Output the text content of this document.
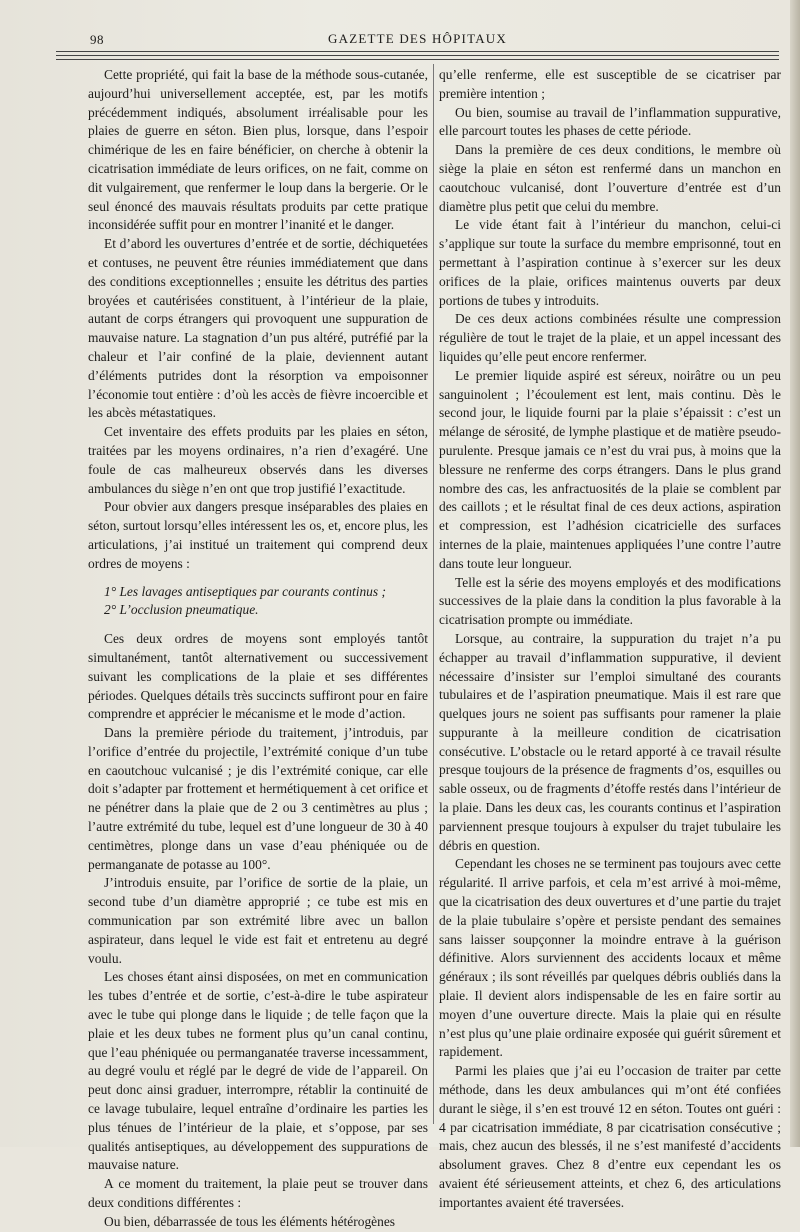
98	GAZETTE DES HÔPITAUX

Cette propriété, qui fait la base de la méthode sous-cutanée, aujourd’hui universellement acceptée, est, par les motifs précédemment indiqués, absolument irréalisable pour les plaies de guerre en séton. Bien plus, lorsque, dans l’espoir chimérique de les en faire bénéficier, on cherche à obtenir la cicatrisation immédiate de leurs orifices, on ne fait, comme on dit vulgairement, que renfermer le loup dans la bergerie. Or le seul énoncé des mauvais résultats produits par cette pratique inconsidérée suffit pour en montrer l’inanité et le danger.

Et d’abord les ouvertures d’entrée et de sortie, déchiquetées et contuses, ne peuvent être réunies immédiatement que dans des conditions exceptionnelles ; ensuite les détritus des parties broyées et cautérisées constituent, à l’intérieur de la plaie, autant de corps étrangers qui provoquent une suppuration de mauvaise nature. La stagnation d’un pus altéré, putréfié par la chaleur et l’air confiné de la plaie, deviennent autant d’éléments putrides dont la résorption va empoisonner l’économie tout entière : d’où les accès de fièvre incoercible et les abcès métastatiques.

Cet inventaire des effets produits par les plaies en séton, traitées par les moyens ordinaires, n’a rien d’exagéré. Une foule de cas malheureux observés dans les diverses ambulances du siège n’en ont que trop justifié l’exactitude.

Pour obvier aux dangers presque inséparables des plaies en séton, surtout lorsqu’elles intéressent les os, et, encore plus, les articulations, j’ai institué un traitement qui comprend deux ordres de moyens :

1° Les lavages antiseptiques par courants continus ;

2° L’occlusion pneumatique.

Ces deux ordres de moyens sont employés tantôt simultanément, tantôt alternativement ou successivement suivant les complications de la plaie et ses différentes périodes. Quelques détails très succincts suffiront pour en faire comprendre et apprécier le mécanisme et le mode d’action.

Dans la première période du traitement, j’introduis, par l’orifice d’entrée du projectile, l’extrémité conique d’un tube en caoutchouc vulcanisé ; je dis l’extrémité conique, car elle doit s’adapter par frottement et hermétiquement à cet orifice et ne pénétrer dans la plaie que de 2 ou 3 centimètres au plus ; l’autre extrémité du tube, lequel est d’une longueur de 30 à 40 centimètres, plonge dans un vase d’eau phéniquée ou de permanganate de potasse au 100°.

J’introduis ensuite, par l’orifice de sortie de la plaie, un second tube d’un diamètre approprié ; ce tube est mis en communication par son extrémité libre avec un ballon aspirateur, dans lequel le vide est fait et entretenu au degré voulu.

Les choses étant ainsi disposées, on met en communication les tubes d’entrée et de sortie, c’est-à-dire le tube aspirateur avec le tube qui plonge dans le liquide ; de telle façon que la plaie et les deux tubes ne forment plus qu’un canal continu, que l’eau phéniquée ou permanganatée traverse incessamment, au degré voulu et réglé par le degré de vide de l’appareil. On peut donc ainsi graduer, interrompre, rétablir la continuité de ce lavage tubulaire, lequel entraîne d’ordinaire les parties les plus ténues de l’intérieur de la plaie, et s’oppose, par ses qualités antiseptiques, au développement des suppurations de mauvaise nature.

A ce moment du traitement, la plaie peut se trouver dans deux conditions différentes :

Ou bien, débarrassée de tous les éléments hétérogènes

qu’elle renferme, elle est susceptible de se cicatriser par première intention ;

Ou bien, soumise au travail de l’inflammation suppurative, elle parcourt toutes les phases de cette période.

Dans la première de ces deux conditions, le membre où siège la plaie en séton est renfermé dans un manchon en caoutchouc vulcanisé, dont l’ouverture d’entrée est d’un diamètre plus petit que celui du membre.

Le vide étant fait à l’intérieur du manchon, celui-ci s’applique sur toute la surface du membre emprisonné, tout en permettant à l’aspiration continue à s’exercer sur les deux orifices de la plaie, orifices maintenus ouverts par deux portions de tubes y introduits.

De ces deux actions combinées résulte une compression régulière de tout le trajet de la plaie, et un appel incessant des liquides qu’elle peut encore renfermer.

Le premier liquide aspiré est séreux, noirâtre ou un peu sanguinolent ; l’écoulement est lent, mais continu. Dès le second jour, le liquide fourni par la plaie s’épaissit : c’est un mélange de sérosité, de lymphe plastique et de matière pseudo-purulente. Presque jamais ce n’est du vrai pus, à moins que la blessure ne renferme des corps étrangers. Dans le plus grand nombre des cas, les anfractuosités de la plaie se comblent par des caillots ; et le résultat final de ces deux actions, aspiration et compression, est l’adhésion cicatricielle des surfaces internes de la plaie, maintenues appliquées l’une contre l’autre dans toute leur longueur.

Telle est la série des moyens employés et des modifications successives de la plaie dans la condition la plus favorable à la cicatrisation prompte ou immédiate.

Lorsque, au contraire, la suppuration du trajet n’a pu échapper au travail d’inflammation suppurative, il devient nécessaire d’insister sur l’emploi simultané des courants tubulaires et de l’aspiration pneumatique. Mais il est rare que quelques jours ne soient pas suffisants pour ramener la plaie suppurante à la meilleure condition de cicatrisation consécutive. L’obstacle ou le retard apporté à ce travail résulte presque toujours de la présence de fragments d’os, esquilles ou sable osseux, ou de fragments d’étoffe restés dans l’intérieur de la plaie. Dans les deux cas, les courants continus et l’aspiration parviennent presque toujours à expulser du trajet tubulaire les débris en question.

Cependant les choses ne se terminent pas toujours avec cette régularité. Il arrive parfois, et cela m’est arrivé à moi-même, que la cicatrisation des deux ouvertures et d’une partie du trajet de la plaie tubulaire s’opère et persiste pendant des semaines sans laisser soupçonner la moindre entrave à la guérison définitive. Alors surviennent des accidents locaux et même généraux ; ils sont réveillés par quelques débris oubliés dans la plaie. Il devient alors indispensable de les en faire sortir au moyen d’une ouverture directe. Mais la plaie qui en résulte n’est plus qu’une plaie ordinaire exposée qui guérit sûrement et rapidement.

Parmi les plaies que j’ai eu l’occasion de traiter par cette méthode, dans les deux ambulances qui m’ont été confiées durant le siège, il s’en est trouvé 12 en séton. Toutes ont guéri : 4 par cicatrisation immédiate, 8 par cicatrisation consécutive ; mais, chez aucun des blessés, il ne s’est manifesté d’accidents absolument graves. Chez 8 d’entre eux cependant les os avaient été sérieusement atteints, et chez 6, des articulations importantes avaient été traversées.
